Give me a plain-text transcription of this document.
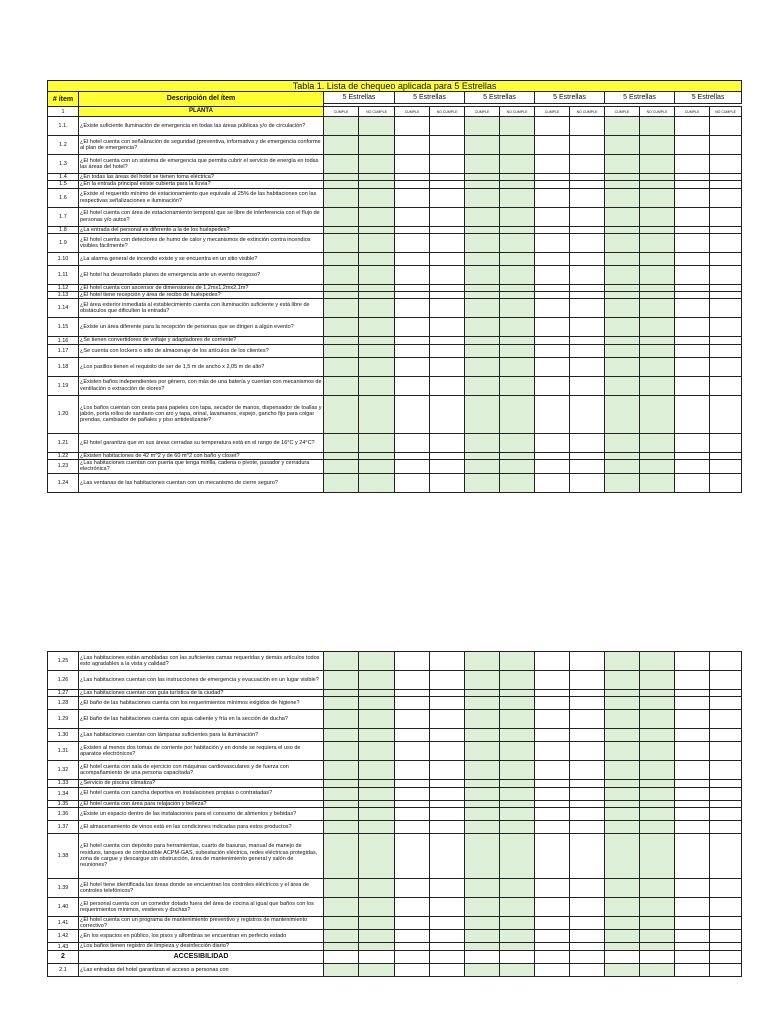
Tabla 1. Lista de chequeo aplicada para 5 Estrellas													
# ítem	Descripción del ítem	5 Estrellas		5 Estrellas		5 Estrellas		5 Estrellas		5 Estrellas		5 Estrellas	

1	PLANTA	CUMPLE	NO CUMPLE	CUMPLE	NO CUMPLE	CUMPLE	NO CUMPLE	CUMPLE	NO CUMPLE	CUMPLE	NO CUMPLE	CUMPLE	NO CUMPLE
1.1.	¿Existe suficiente iluminación de emergencia en todas las áreas públicas y/o de circulación?												
1.2	¿El hotel cuenta con señalización de seguridad (preventiva, informativa y de emergencia conforme al plan de emergencia?												
1.3	¿El hotel cuenta con un sistema de emergencia que permita cubrir el servicio de energía en todas las áreas del hotel?												
1.4	¿En todas las áreas del hotel se tienen toma eléctrica?												
1.5	¿En la entrada principal existe cubierta para la lluvia?												
1.6	¿Existe el requerido mínimo de estacionamiento que equivale al 25% de las habitaciones con las respectivas señalizaciones e iluminación?												
1.7	¿El hotel cuenta con área de estacionamiento temporal que se libre de interferencia con el flujo de personas y/o autos?												
1.8	¿La entrada del personal es diferente a la de los huéspedes?												
1.9	¿El hotel cuenta con detectores de humo de calor y mecanismos de extinción contra incendios visibles fácilmente?												
1.10	¿La alarma general de incendio existe y se encuentra en un sitio visible?												
1.11	¿El hotel ha desarrollado planes de emergencia ante un evento riesgoso?												
1.12	¿El hotel cuenta con ascensor de dimensiones de 1,2mx1,2mx2,1m?												
1.13	¿El hotel tiene recepción y área de recibo de huéspedes?												
1.14	¿El área exterior inmediata al establecimiento cuenta con iluminación suficiente y está libre de obstáculos que dificulten la entrada?												
1.15	¿Existe un área diferente para la recepción de personas que se dirigen a algún evento?												
1.16	¿Se tienen convertidores de voltaje y adaptadores de corriente?												
1.17	¿Se cuenta con lockers o sitio de almacenaje de los artículos de los clientes?												
1.18	¿Los pasillos tienen el requisito de ser de 1,5 m de ancho x 2,05 m de alto?												
1.19	¿Existen baños independientes por género, con más de una batería y cuentan con mecanismos de ventilación o extracción de olores?												
1.20	¿Los baños cuentan con cesta para papeles con tapa, secador de manos, dispensador de toallas y jabón, porta rollos de sanitario con aro y tapa, orinal, lavamanos, espejo, gancho fijo para colgar prendas, cambiador de pañales y piso antideslizante?												
1.21	¿El hotel garantiza que en sus áreas cerradas su temperatura está en el rango de 16°C y 24°C?												
1.22	¿Existen habitaciones de 42 m^2 y de 60 m^2 con baño y closet?												
1.23	¿Las habitaciones cuentan con puerta que tenga mirilla, cadena o pivote, pasador y cerradura electrónica?												
1.24	¿Las ventanas de las habitaciones cuentan con un mecanismo de cierre seguro?												
1.25	¿Las habitaciones están amobladas con las suficientes camas requeridas y demás artículos todos esto agradables a la vista y calidad?												
1.26	¿Las habitaciones cuentan con las instrucciones de emergencia y evacuación en un lugar visible?												
1.27	¿Las habitaciones cuentan con guía turística de la ciudad?												
1.28	¿El baño de las habitaciones cuenta con los requerimientos mínimos exigidos de higiene?												
1.29	¿El baño de las habitaciones cuenta con agua caliente y fría en la sección de ducha?												
1.30	¿Las habitaciones cuentan con lámparas suficientes para la iluminación?												
1.31	¿Existen al menos dos tomas de corriente por habitación y en donde se requiera el uso de aparatos electrónicos?												
1.32	¿El hotel cuenta con sala de ejercicio con máquinas cardiovasculares y de fuerza con acompañamiento de una persona capacitada?												
1.33	¿Servicio de piscina climatiza?												
1.34	¿El hotel cuenta con cancha deportiva en instalaciones propias o contratadas?												
1.35	¿El hotel cuenta con área para relajación y belleza?												
1.36	¿Existe un espacio dentro de las instalaciones para el consumo de alimentos y bebidas?												
1.37	¿El almacenamiento de vinos está en las condiciones indicadas para estos productos?												
1.38	¿El hotel cuenta con depósito para herramientas, cuarto de basuras, manual de manejo de residuos, tanques de combustible ACPM-GAS, subestación eléctrica, redes eléctricas protegidas, zona de cargue y descargue sin obstrucción, área de mantenimiento general y salón de reuniones?												
1.39	¿El hotel tiene identificada las áreas donde se encuentran los controles eléctricos y el área de controles telefónicos?												
1.40	¿El personal cuenta con un comedor dotado fuera del área de cocina al igual que baños con los requerimientos mínimos, vestieres y duchas?												
1.41	¿El hotel cuenta con un programa de mantenimiento preventivo y registros de mantenimiento correctivo?												
1.42	¿En los espacios en público, los pisos y alfombras se encuentran en perfecto estado												
1.43	¿Los baños tienen registro de limpieza y desinfección diario?												
2	ACCESIBILIDAD												
2.1	¿Las entradas del hotel garantizan el acceso a personas con												
